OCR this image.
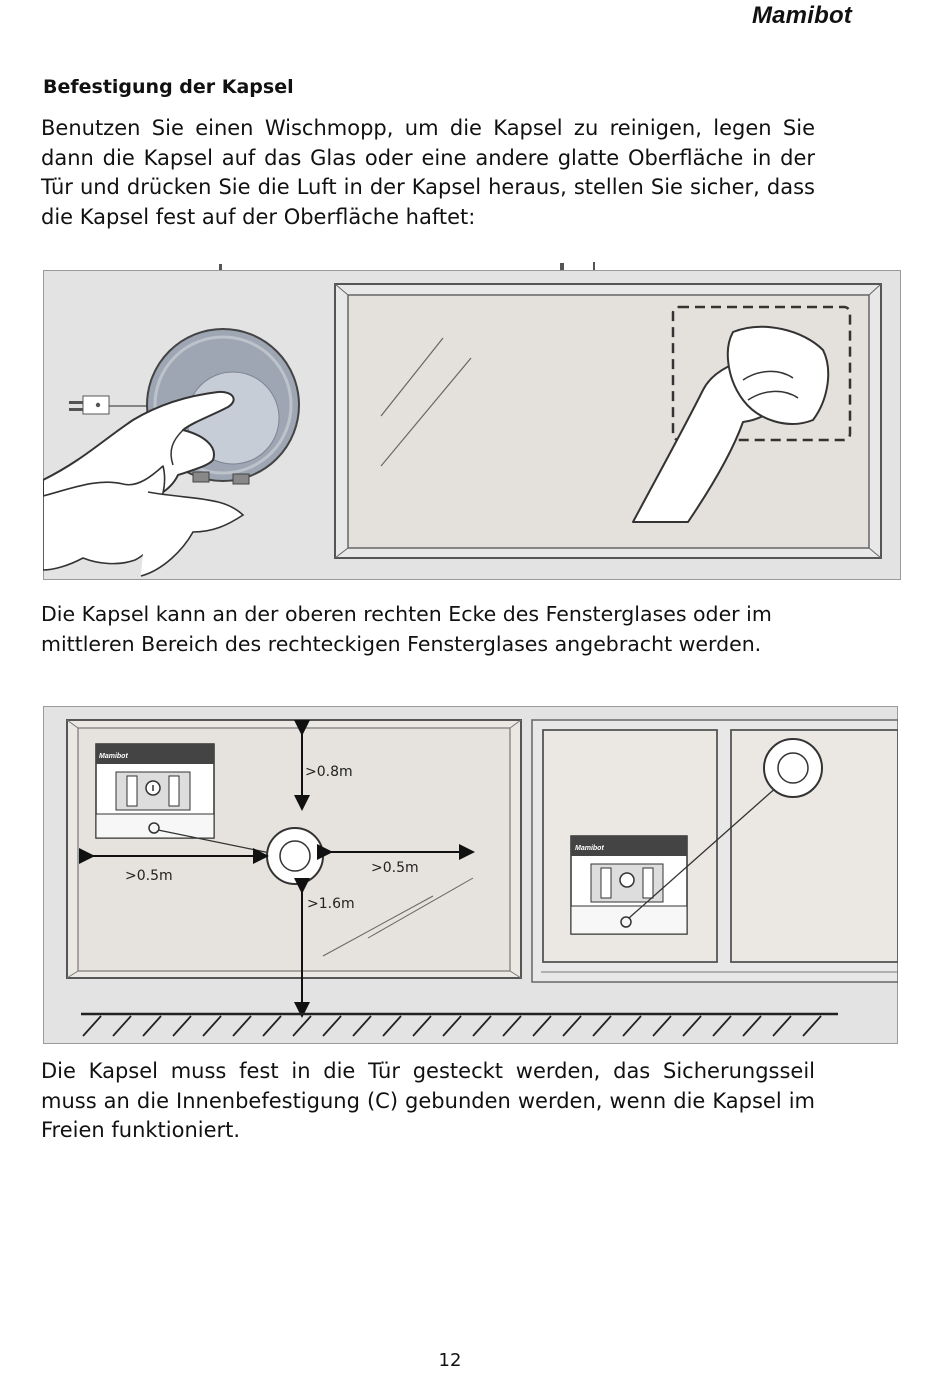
Mamibot
Befestigung der Kapsel

Benutzen Sie einen Wischmopp, um die Kapsel zu reinigen, legen Sie dann die Kapsel auf das Glas oder eine andere glatte Oberfläche in der Tür und drücken Sie die Luft in der Kapsel heraus, stellen Sie sicher, dass die Kapsel fest auf der Oberfläche haftet:

Die Kapsel kann an der oberen rechten Ecke des Fensterglases oder im mittleren Bereich des rechteckigen Fensterglases angebracht werden.

Mamibot
>0.8m
>0.5m	>0.5m
>1.6m
Mamibot

Die Kapsel muss fest in die Tür gesteckt werden, das Sicherungsseil muss an die Innenbefestigung (C) gebunden werden, wenn die Kapsel im Freien funktioniert.

12
